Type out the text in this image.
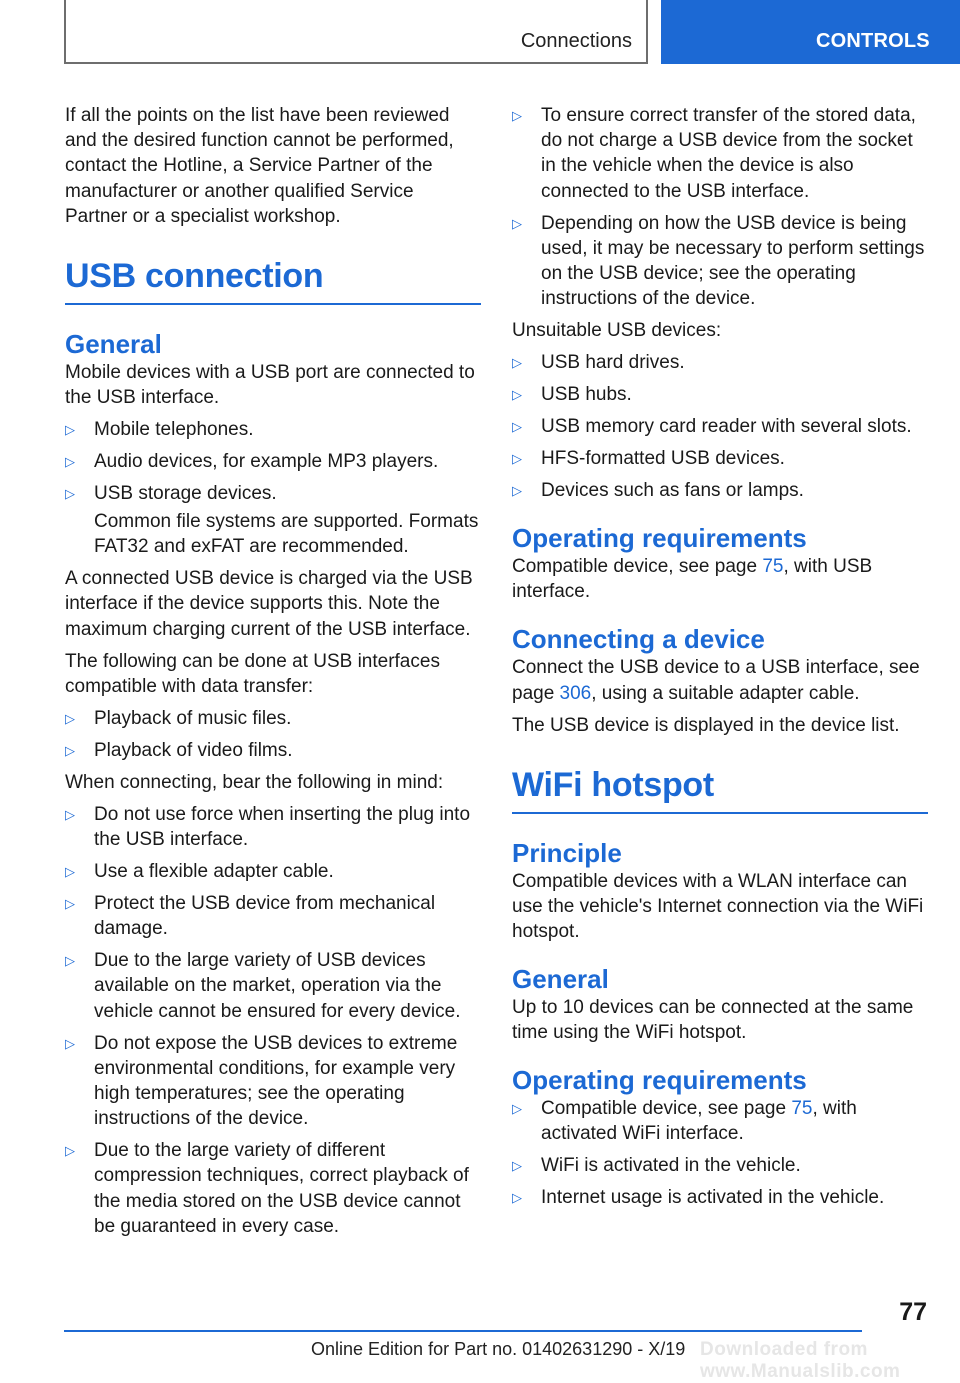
Connections	CONTROLS

If all the points on the list have been reviewed and the desired function cannot be performed, contact the Hotline, a Service Partner of the manufacturer or another qualified Service Partner or a specialist workshop.

USB connection
General

Mobile devices with a USB port are connected to the USB interface.

▷ Mobile telephones.
▷ Audio devices, for example MP3 players.
▷ USB storage devices.

Common file systems are supported. Formats FAT32 and exFAT are recommended.

A connected USB device is charged via the USB interface if the device supports this. Note the maximum charging current of the USB interface.

The following can be done at USB interfaces compatible with data transfer:

▷ Playback of music files.
▷ Playback of video films.

When connecting, bear the following in mind:

▷ Do not use force when inserting the plug into the USB interface.
▷ Use a flexible adapter cable.
▷ Protect the USB device from mechanical damage.
▷ Due to the large variety of USB devices available on the market, operation via the vehicle cannot be ensured for every device.
▷ Do not expose the USB devices to extreme environmental conditions, for example very high temperatures; see the operating instructions of the device.
▷ Due to the large variety of different compression techniques, correct playback of the media stored on the USB device cannot be guaranteed in every case.
▷ To ensure correct transfer of the stored data, do not charge a USB device from the socket in the vehicle when the device is also connected to the USB interface.
▷ Depending on how the USB device is being used, it may be necessary to perform settings on the USB device; see the operating instructions of the device.

Unsuitable USB devices:

▷ USB hard drives.
▷ USB hubs.
▷ USB memory card reader with several slots.
▷ HFS-formatted USB devices.
▷ Devices such as fans or lamps.
Operating requirements

Compatible device, see page 75, with USB interface.

Connecting a device

Connect the USB device to a USB interface, see page 306, using a suitable adapter cable.

The USB device is displayed in the device list.

WiFi hotspot
Principle

Compatible devices with a WLAN interface can use the vehicle's Internet connection via the WiFi hotspot.

General

Up to 10 devices can be connected at the same time using the WiFi hotspot.

Operating requirements
▷ Compatible device, see page 75, with activated WiFi interface.
▷ WiFi is activated in the vehicle.
▷ Internet usage is activated in the vehicle.
77
Online Edition for Part no. 01402631290 - X/19 Downloaded from www.Manualslib.com
